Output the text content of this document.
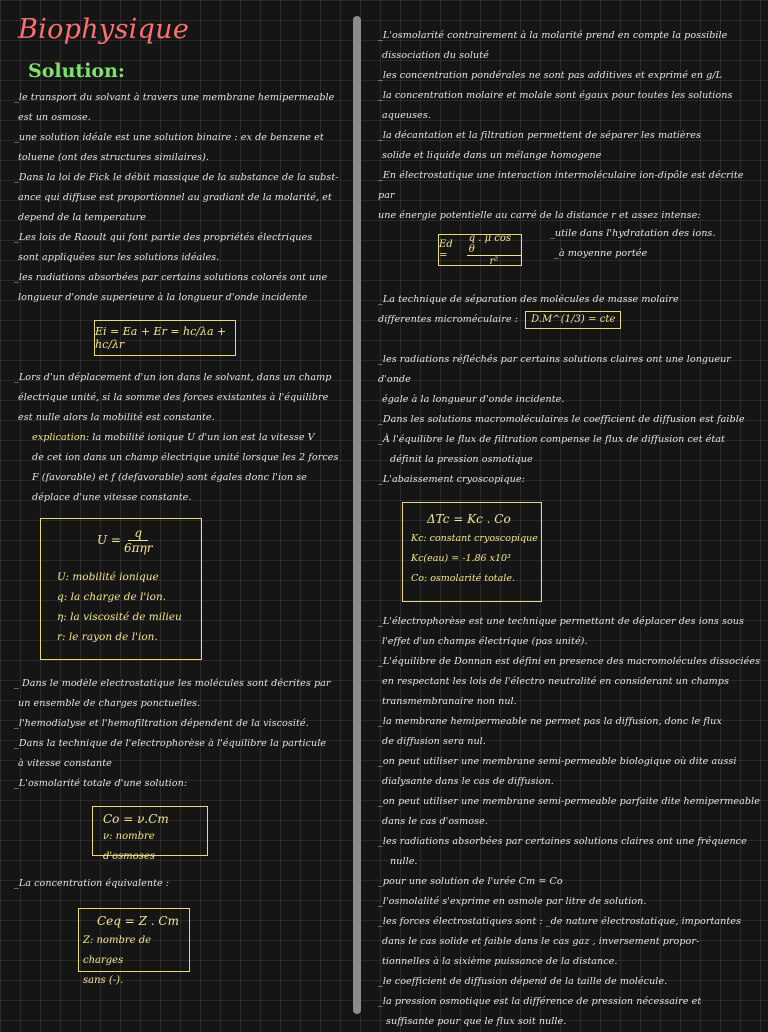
Biophysique
Solution:

_le transport du solvant à travers une membrane hemipermeable

est un osmose.

_une solution idéale est une solution binaire : ex de benzene et

toluene (ont des structures similaires).

_Dans la loi de Fick le débit massique de la substance de la subst-

ance qui diffuse est proportionnel au gradiant de la molarité, et

depend de la temperature

_Les lois de Raoult qui font partie des propriétés électriques

sont appliquées sur les solutions idéales.

_les radiations absorbées par certains solutions colorés ont une

longueur d'onde superieure à la longueur d'onde incidente

Ei = Ea + Er = hc/λa + hc/λr

_Lors d'un déplacement d'un ion dans le solvant, dans un champ

électrique unité, si la somme des forces existantes à l'équilibre

est nulle alors la mobilité est constante.

explication: la mobilité ionique U d'un ion est la vitesse V

de cet ion dans un champ électrique unité lorsque les 2 forces

F (favorable) et f (defavorable) sont égales donc l'ion se

déplace d'une vitesse constante.

U =
q
6πηr

U: mobilité ionique

q: la charge de l'ion.

η: la viscosité de milieu

r: le rayon de l'ion.

_ Dans le modèle electrostatique les molécules sont décrites par

un ensemble de charges ponctuelles.

_l'hemodialyse et l'hemofiltration dépendent de la viscosité.

_Dans la technique de l'electrophorèse à l'équilibre la particule

à vitesse constante

_L'osmolarité totale d'une solution:

Co = ν.Cm

ν: nombre d'osmoses

_La concentration équivalente :

Ceq = Z . Cm

Z: nombre de charges

sans (-).

_L'osmolarité contrairement à la molarité prend en compte la possibile

dissociation du soluté

_les concentration pondérales ne sont pas additives et exprimé en g/L

_la concentration molaire et molale sont égaux pour toutes les solutions

aqueuses.

_la décantation et la filtration permettent de séparer les matières

solide et liquide dans un mélange homogene

_En électrostatique une interaction intermoléculaire ion-dipôle est décrite par

une énergie potentielle au carré de la distance r et assez intense:

Ed =	$\frac{\text{q . μ cos θ}}{\text{r²}}$	_utile dans l'hydratation des ions.

_à moyenne portée

_La technique de séparation des molécules de masse molaire

differentes microméculaire : D.M^(1/3) = cte

_les radiations réfléchés par certains solutions claires ont une longueur d'onde

égale à la longueur d'onde incidente.

_Dans les solutions macromoléculaires le coefficient de diffusion est faible

_À l'équilibre le flux de filtration compense le flux de diffusion cet état

définit la pression osmotique

_L'abaissement cryoscopique:

ΔTc = Kc . Co

Kc: constant cryoscopique

Kc(eau) = -1.86 x10³

Co: osmolarité totale.

_L'électrophorèse est une technique permettant de déplacer des ions sous

l'effet d'un champs électrique (pas unité).

_L'équilibre de Donnan est défini en presence des macromolécules dissociées

en respectant les lois de l'électro neutralité en considerant un champs

transmembranaire non nul.

_la membrane hemipermeable ne permet pas la diffusion, donc le flux

de diffusion sera nul.

_on peut utiliser une membrane semi-permeable biologique où dite aussi

dialysante dans le cas de diffusion.

_on peut utiliser une membrane semi-permeable parfaite dite hemipermeable

dans le cas d'osmose.

_les radiations absorbées par certaines solutions claires ont une fréquence

nulle.

_pour une solution de l'urée Cm = Co

_l'osmolalité s'exprime en osmole par litre de solution.

_les forces électrostatiques sont : _de nature électrostatique, importantes

dans le cas solide et faible dans le cas gaz , inversement propor-

tionnelles à la sixième puissance de la distance.

_le coefficient de diffusion dépend de la taille de molécule.

_la pression osmotique est la différence de pression nécessaire et

suffisante pour que le flux soit nulle.
